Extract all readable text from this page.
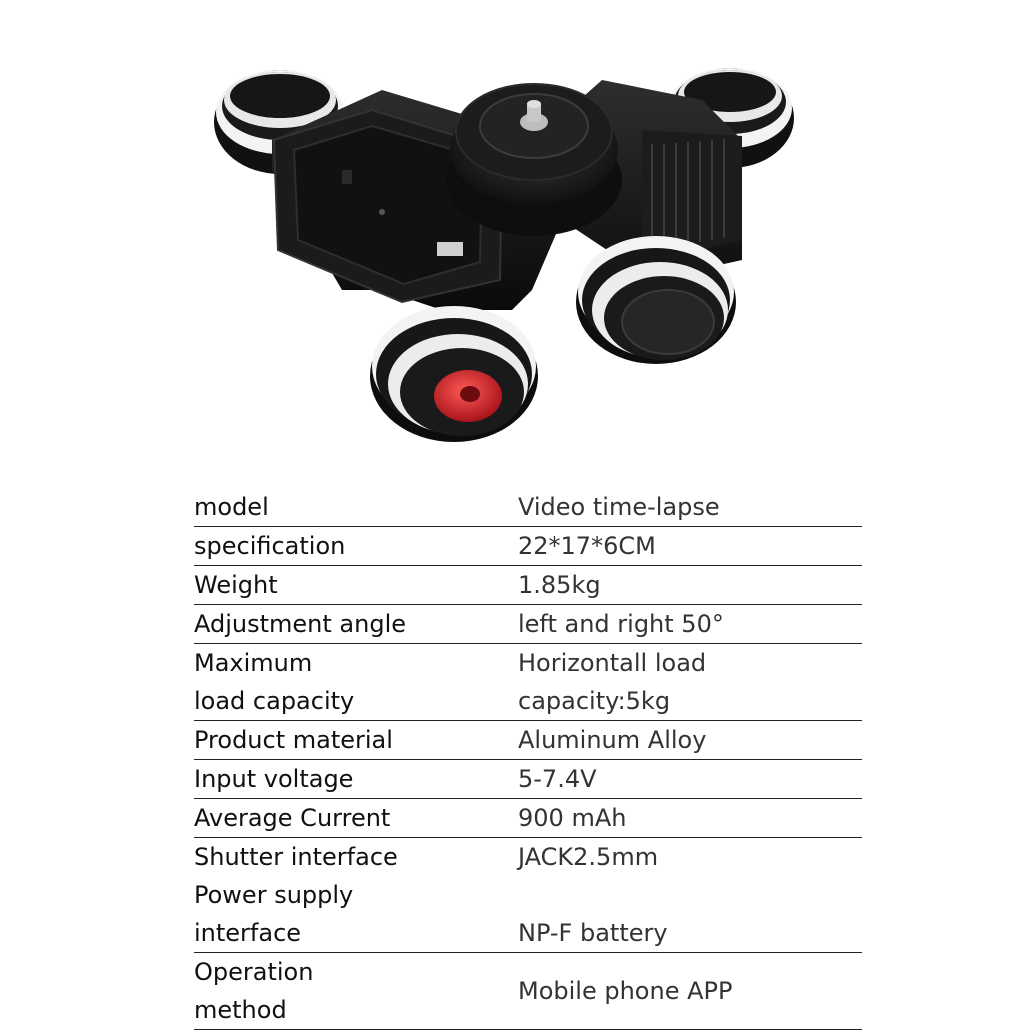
model	Video time-lapse
specification	22*17*6CM
Weight	1.85kg
Adjustment angle	left and right 50°

Maximum
load capacity	Horizontall load capacity:5kg
Product material	Aluminum Alloy
Input voltage	5-7.4V
Average Current	900 mAh
Shutter interface	JACK2.5mm

Power supply
interface	NP-F battery

Operation
method	Mobile phone APP
